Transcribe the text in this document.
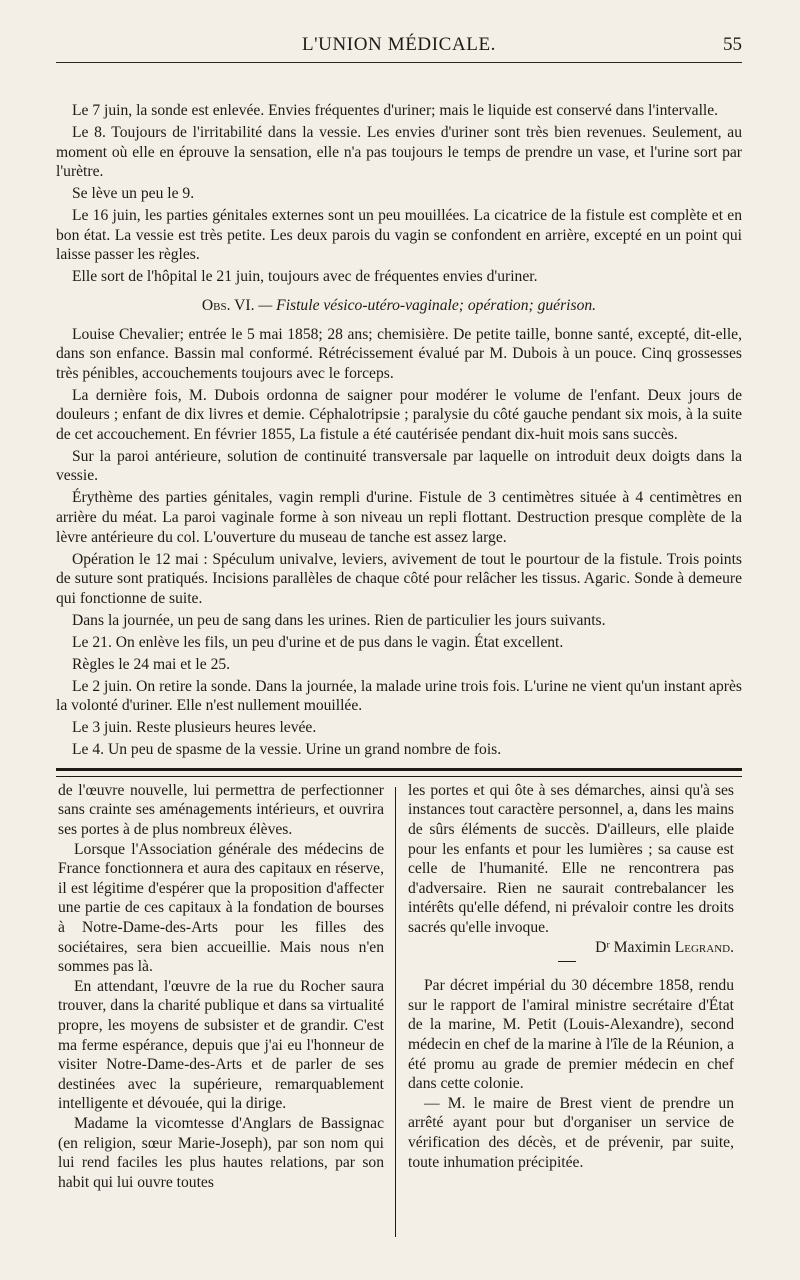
L'UNION MÉDICALE.	55

Le 7 juin, la sonde est enlevée. Envies fréquentes d'uriner; mais le liquide est conservé dans l'intervalle.

Le 8. Toujours de l'irritabilité dans la vessie. Les envies d'uriner sont très bien revenues. Seulement, au moment où elle en éprouve la sensation, elle n'a pas toujours le temps de prendre un vase, et l'urine sort par l'urètre.

Se lève un peu le 9.

Le 16 juin, les parties génitales externes sont un peu mouillées. La cicatrice de la fistule est complète et en bon état. La vessie est très petite. Les deux parois du vagin se confondent en arrière, excepté en un point qui laisse passer les règles.

Elle sort de l'hôpital le 21 juin, toujours avec de fréquentes envies d'uriner.

Obs. VI. — Fistule vésico-utéro-vaginale; opération; guérison.

Louise Chevalier; entrée le 5 mai 1858; 28 ans; chemisière. De petite taille, bonne santé, excepté, dit-elle, dans son enfance. Bassin mal conformé. Rétrécissement évalué par M. Dubois à un pouce. Cinq grossesses très pénibles, accouchements toujours avec le forceps.

La dernière fois, M. Dubois ordonna de saigner pour modérer le volume de l'enfant. Deux jours de douleurs ; enfant de dix livres et demie. Céphalotripsie ; paralysie du côté gauche pendant six mois, à la suite de cet accouchement. En février 1855, La fistule a été cautérisée pendant dix-huit mois sans succès.

Sur la paroi antérieure, solution de continuité transversale par laquelle on introduit deux doigts dans la vessie.

Érythème des parties génitales, vagin rempli d'urine. Fistule de 3 centimètres située à 4 centimètres en arrière du méat. La paroi vaginale forme à son niveau un repli flottant. Destruction presque complète de la lèvre antérieure du col. L'ouverture du museau de tanche est assez large.

Opération le 12 mai : Spéculum univalve, leviers, avivement de tout le pourtour de la fistule. Trois points de suture sont pratiqués. Incisions parallèles de chaque côté pour relâcher les tissus. Agaric. Sonde à demeure qui fonctionne de suite.

Dans la journée, un peu de sang dans les urines. Rien de particulier les jours suivants.

Le 21. On enlève les fils, un peu d'urine et de pus dans le vagin. État excellent.

Règles le 24 mai et le 25.

Le 2 juin. On retire la sonde. Dans la journée, la malade urine trois fois. L'urine ne vient qu'un instant après la volonté d'uriner. Elle n'est nullement mouillée.

Le 3 juin. Reste plusieurs heures levée.

Le 4. Un peu de spasme de la vessie. Urine un grand nombre de fois.

de l'œuvre nouvelle, lui permettra de perfectionner sans crainte ses aménagements intérieurs, et ouvrira ses portes à de plus nombreux élèves.

Lorsque l'Association générale des médecins de France fonctionnera et aura des capitaux en réserve, il est légitime d'espérer que la proposition d'affecter une partie de ces capitaux à la fondation de bourses à Notre-Dame-des-Arts pour les filles des sociétaires, sera bien accueillie. Mais nous n'en sommes pas là.

En attendant, l'œuvre de la rue du Rocher saura trouver, dans la charité publique et dans sa virtualité propre, les moyens de subsister et de grandir. C'est ma ferme espérance, depuis que j'ai eu l'honneur de visiter Notre-Dame-des-Arts et de parler de ses destinées avec la supérieure, remarquablement intelligente et dévouée, qui la dirige.

Madame la vicomtesse d'Anglars de Bassignac (en religion, sœur Marie-Joseph), par son nom qui lui rend faciles les plus hautes relations, par son habit qui lui ouvre toutes

les portes et qui ôte à ses démarches, ainsi qu'à ses instances tout caractère personnel, a, dans les mains de sûrs éléments de succès. D'ailleurs, elle plaide pour les enfants et pour les lumières ; sa cause est celle de l'humanité. Elle ne rencontrera pas d'adversaire. Rien ne saurait contrebalancer les intérêts qu'elle défend, ni prévaloir contre les droits sacrés qu'elle invoque.

Dʳ Maximin Legrand.

Par décret impérial du 30 décembre 1858, rendu sur le rapport de l'amiral ministre secrétaire d'État de la marine, M. Petit (Louis-Alexandre), second médecin en chef de la marine à l'île de la Réunion, a été promu au grade de premier médecin en chef dans cette colonie.

— M. le maire de Brest vient de prendre un arrêté ayant pour but d'organiser un service de vérification des décès, et de prévenir, par suite, toute inhumation précipitée.
